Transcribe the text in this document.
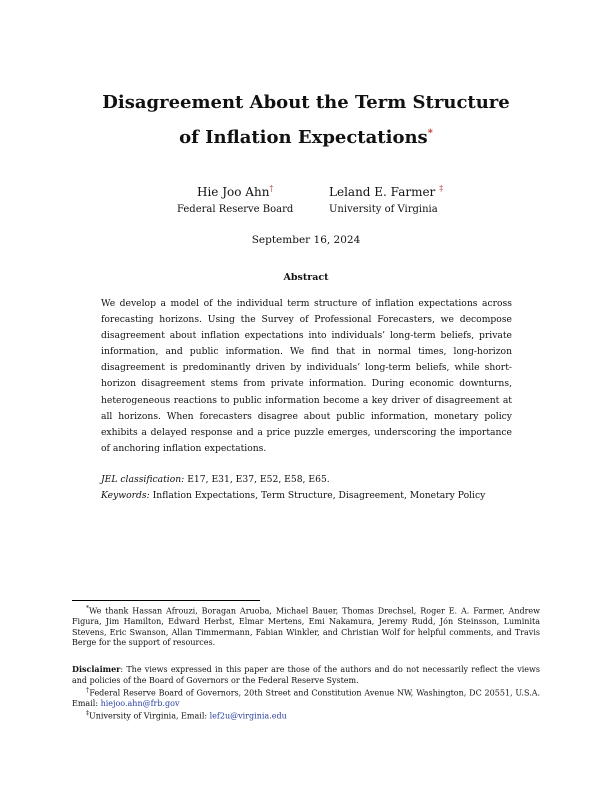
Disagreement About the Term Structure
of Inflation Expectations*
Hie Joo Ahn†	Leland E. Farmer ‡
Federal Reserve Board	University of Virginia
September 16, 2024
Abstract

We develop a model of the individual term structure of inflation expectations across forecasting horizons. Using the Survey of Professional Forecasters, we decompose disagreement about inflation expectations into individuals’ long-term beliefs, private information, and public information. We find that in normal times, long-horizon disagreement is predominantly driven by individuals’ long-term beliefs, while short-horizon disagreement stems from private information. During economic downturns, heterogeneous reactions to public information become a key driver of disagreement at all horizons. When forecasters disagree about public information, monetary policy exhibits a delayed response and a price puzzle emerges, underscoring the importance of anchoring inflation expectations.

JEL classification: E17, E31, E37, E52, E58, E65.
Keywords: Inflation Expectations, Term Structure, Disagreement, Monetary Policy

*We thank Hassan Afrouzi, Boragan Aruoba, Michael Bauer, Thomas Drechsel, Roger E. A. Farmer, Andrew Figura, Jim Hamilton, Edward Herbst, Elmar Mertens, Emi Nakamura, Jeremy Rudd, Jón Steinsson, Luminita Stevens, Eric Swanson, Allan Timmermann, Fabian Winkler, and Christian Wolf for helpful comments, and Travis Berge for the support of resources.

Disclaimer: The views expressed in this paper are those of the authors and do not necessarily reflect the views and policies of the Board of Governors or the Federal Reserve System.

†Federal Reserve Board of Governors, 20th Street and Constitution Avenue NW, Washington, DC 20551, U.S.A. Email: hiejoo.ahn@frb.gov

‡University of Virginia, Email: lef2u@virginia.edu
